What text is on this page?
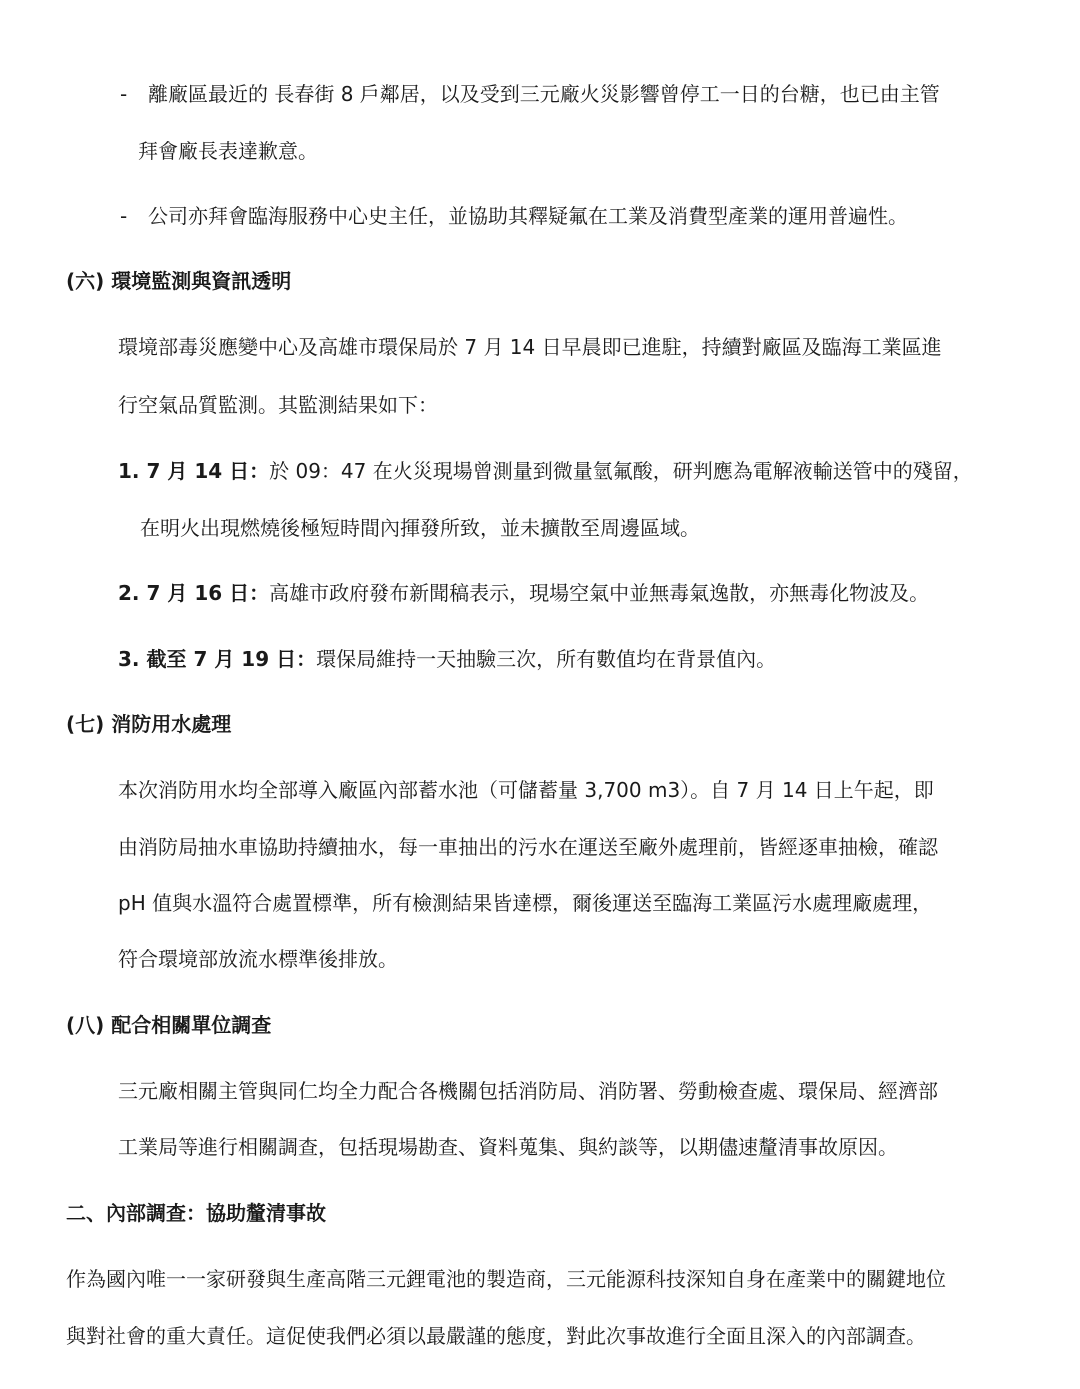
- 離廠區最近的 長春街 8 戶鄰居，以及受到三元廠火災影響曾停工一日的台糖，也已由主管

拜會廠長表達歉意。

- 公司亦拜會臨海服務中心史主任，並協助其釋疑氟在工業及消費型產業的運用普遍性。

(六) 環境監測與資訊透明

環境部毒災應變中心及高雄市環保局於 7 月 14 日早晨即已進駐，持續對廠區及臨海工業區進

行空氣品質監測。其監測結果如下：

1. 7 月 14 日：於 09：47 在火災現場曾測量到微量氫氟酸，研判應為電解液輸送管中的殘留，

在明火出現燃燒後極短時間內揮發所致，並未擴散至周邊區域。

2. 7 月 16 日：高雄市政府發布新聞稿表示，現場空氣中並無毒氣逸散，亦無毒化物波及。

3. 截至 7 月 19 日：環保局維持一天抽驗三次，所有數值均在背景值內。

(七) 消防用水處理

本次消防用水均全部導入廠區內部蓄水池（可儲蓄量 3,700 m3）。自 7 月 14 日上午起，即

由消防局抽水車協助持續抽水，每一車抽出的污水在運送至廠外處理前，皆經逐車抽檢，確認

pH 值與水溫符合處置標準，所有檢測結果皆達標，爾後運送至臨海工業區污水處理廠處理，

符合環境部放流水標準後排放。

(八) 配合相關單位調查

三元廠相關主管與同仁均全力配合各機關包括消防局、消防署、勞動檢查處、環保局、經濟部

工業局等進行相關調查，包括現場勘查、資料蒐集、與約談等，以期儘速釐清事故原因。

二、內部調查：協助釐清事故

作為國內唯一一家研發與生產高階三元鋰電池的製造商，三元能源科技深知自身在產業中的關鍵地位

與對社會的重大責任。這促使我們必須以最嚴謹的態度，對此次事故進行全面且深入的內部調查。
